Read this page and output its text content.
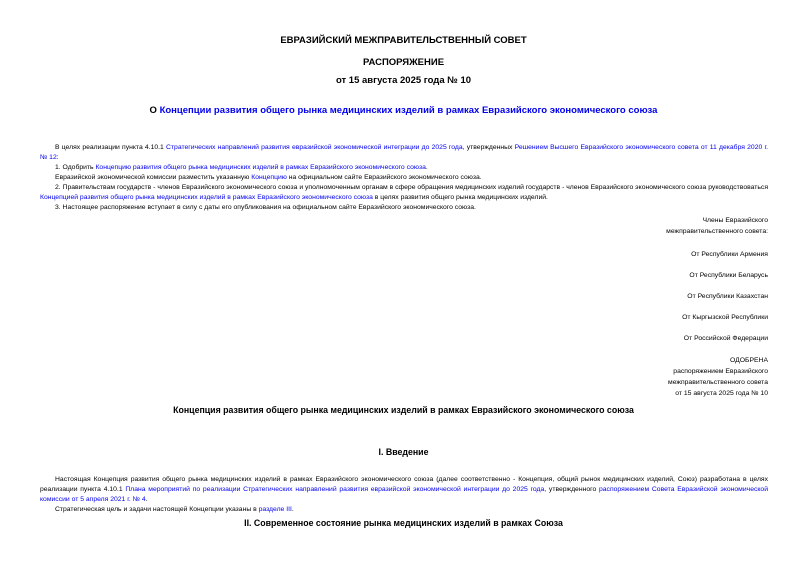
ЕВРАЗИЙСКИЙ МЕЖПРАВИТЕЛЬСТВЕННЫЙ СОВЕТ
РАСПОРЯЖЕНИЕ
от 15 августа 2025 года № 10
О Концепции развития общего рынка медицинских изделий в рамках Евразийского экономического союза

В целях реализации пункта 4.10.1 Стратегических направлений развития евразийской экономической интеграции до 2025 года, утвержденных Решением Высшего Евразийского экономического совета от 11 декабря 2020 г. № 12:

1. Одобрить Концепцию развития общего рынка медицинских изделий в рамках Евразийского экономического союза.

Евразийской экономической комиссии разместить указанную Концепцию на официальном сайте Евразийского экономического союза.

2. Правительствам государств - членов Евразийского экономического союза и уполномоченным органам в сфере обращения медицинских изделий государств - членов Евразийского экономического союза руководствоваться Концепцией развития общего рынка медицинских изделий в рамках Евразийского экономического союза в целях развития общего рынка медицинских изделий.

3. Настоящее распоряжение вступает в силу с даты его опубликования на официальном сайте Евразийского экономического союза.

Члены Евразийского
межправительственного совета:
От Республики Армения
От Республики Беларусь
От Республики Казахстан
От Кыргызской Республики
От Российской Федерации
ОДОБРЕНА
распоряжением Евразийского
межправительственного совета
от 15 августа 2025 года № 10
Концепция развития общего рынка медицинских изделий в рамках Евразийского экономического союза
I. Введение

Настоящая Концепция развития общего рынка медицинских изделий в рамках Евразийского экономического союза (далее соответственно - Концепция, общий рынок медицинских изделий, Союз) разработана в целях реализации пункта 4.10.1 Плана мероприятий по реализации Стратегических направлений развития евразийской экономической интеграции до 2025 года, утвержденного распоряжением Совета Евразийской экономической комиссии от 5 апреля 2021 г. № 4.

Стратегическая цель и задачи настоящей Концепции указаны в разделе III.

II. Современное состояние рынка медицинских изделий в рамках Союза
